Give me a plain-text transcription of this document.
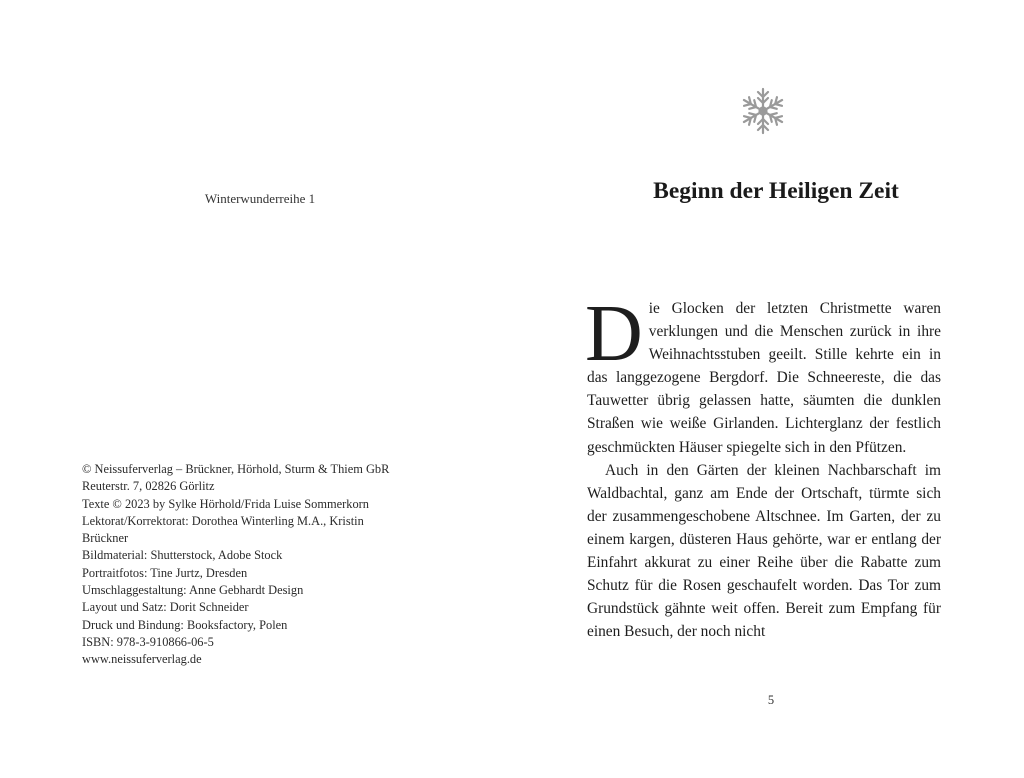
Winterwunderreihe 1
© Neissuferverlag – Brückner, Hörhold, Sturm & Thiem GbR
Reuterstr. 7, 02826 Görlitz
Texte © 2023 by Sylke Hörhold/Frida Luise Sommerkorn
Lektorat/Korrektorat: Dorothea Winterling M.A., Kristin
Brückner
Bildmaterial: Shutterstock, Adobe Stock
Portraitfotos: Tine Jurtz, Dresden
Umschlaggestaltung: Anne Gebhardt Design
Layout und Satz: Dorit Schneider
Druck und Bindung: Booksfactory, Polen
ISBN: 978-3-910866-06-5
www.neissuferverlag.de
Beginn der Heiligen Zeit

Die Glocken der letzten Christmette waren verklungen und die Menschen zurück in ihre Weihnachtsstuben geeilt. Stille kehrte ein in das langgezogene Bergdorf. Die Schneereste, die das Tauwetter übrig gelassen hatte, säumten die dunklen Straßen wie weiße Girlanden. Lichterglanz der festlich geschmückten Häuser spiegelte sich in den Pfützen.

Auch in den Gärten der kleinen Nachbarschaft im Waldbachtal, ganz am Ende der Ortschaft, türmte sich der zusammengeschobene Altschnee. Im Garten, der zu einem kargen, düsteren Haus gehörte, war er entlang der Einfahrt akkurat zu einer Reihe über die Rabatte zum Schutz für die Rosen geschaufelt worden. Das Tor zum Grundstück gähnte weit offen. Bereit zum Empfang für einen Besuch, der noch nicht

5
